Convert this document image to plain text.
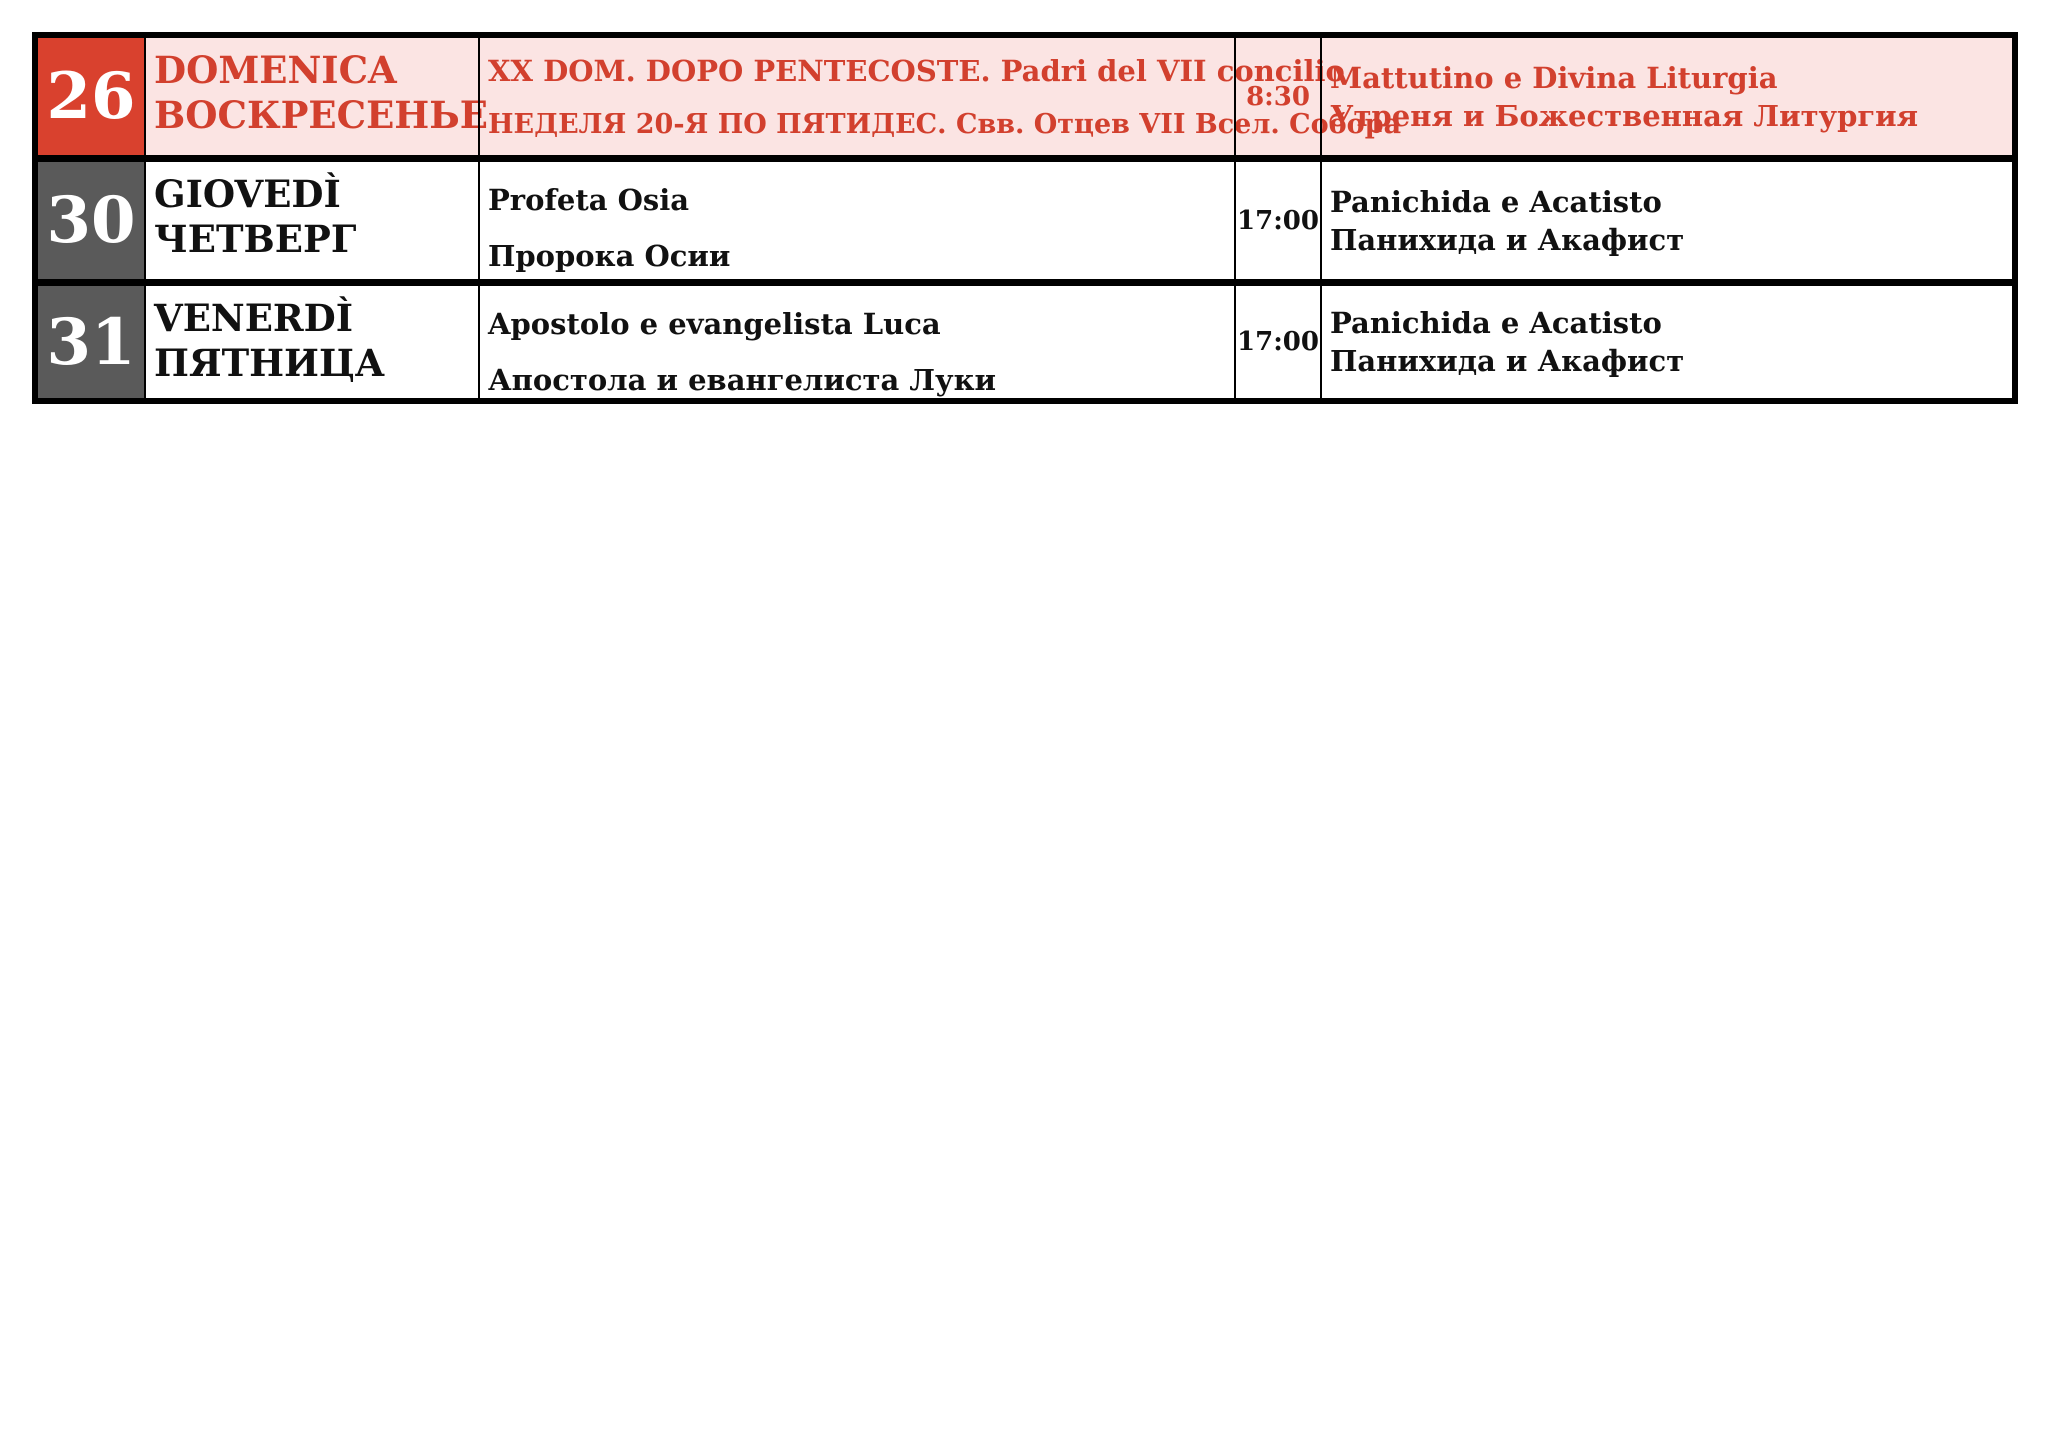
26 DOMENICA
ВОСКРЕСЕНЬЕ
XX DOM. DOPO PENTECOSTE. Padri del VII concilio
НЕДЕЛЯ 20-Я ПО ПЯТИДЕС. Свв. Отцев VII Всел. Собора
8:30
Mattutino e Divina Liturgia
Утреня и Божественная Литургия
30 GIOVEDÌ
ЧЕТВЕРГ
Profeta Osia
Пророка Осии
17:00
Panichida e Acatisto
Панихида и Акафист
31 VENERDÌ
ПЯТНИЦА
Apostolo e evangelista Luca
Апостола и евангелиста Луки
17:00
Panichida e Acatisto
Панихида и Акафист
